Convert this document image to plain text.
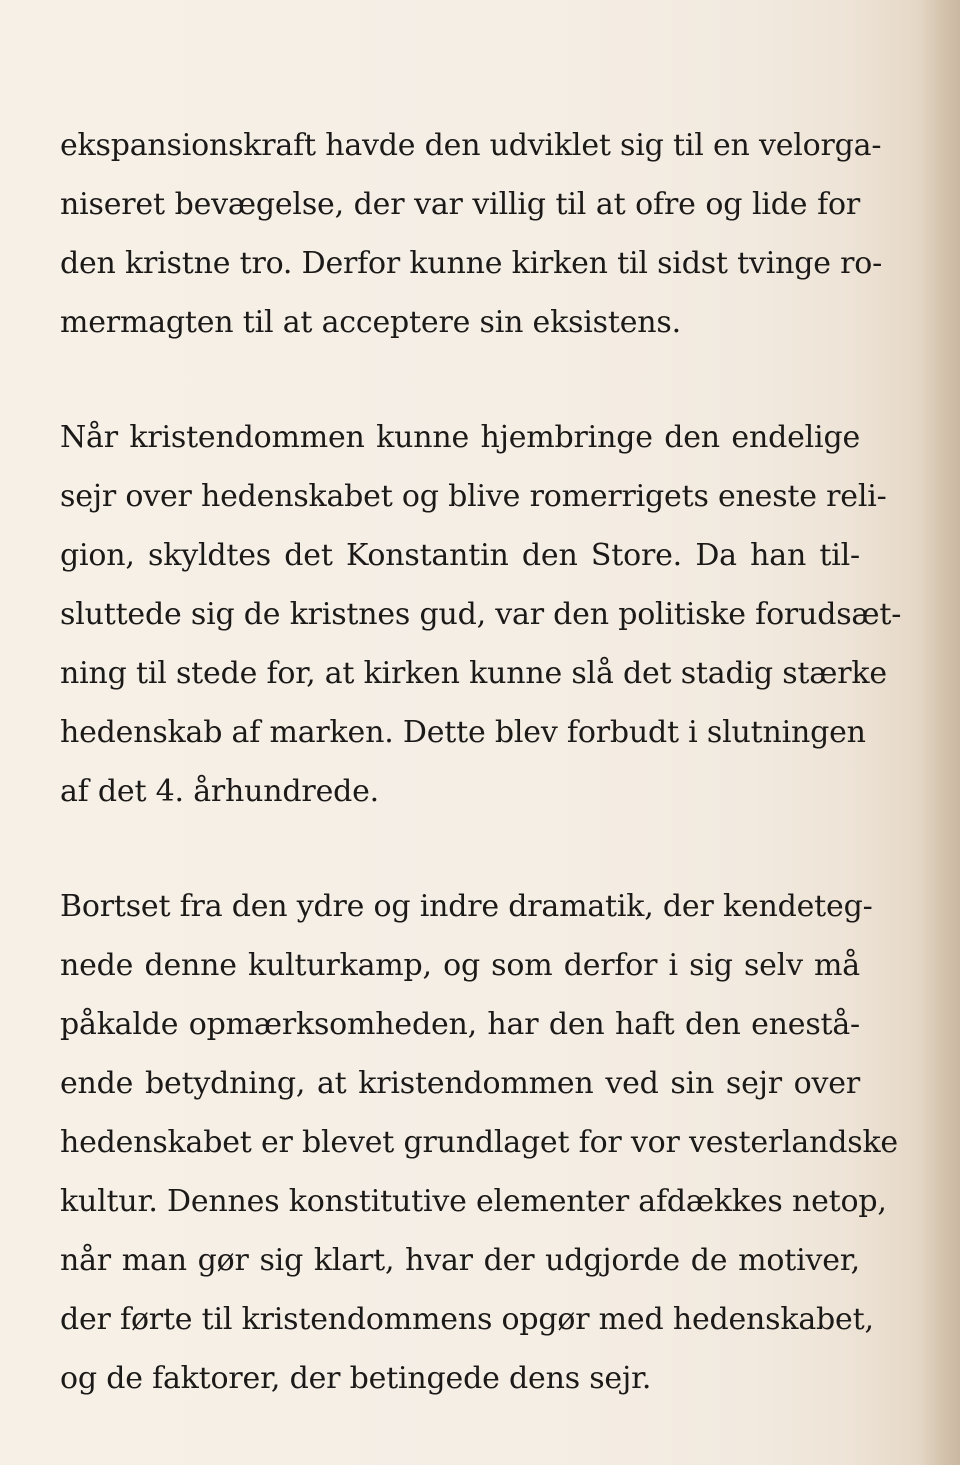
ekspansionskraft havde den udviklet sig til en velorga-
niseret bevægelse, der var villig til at ofre og lide for
den kristne tro. Derfor kunne kirken til sidst tvinge ro-
mermagten til at acceptere sin eksistens.

Når kristendommen kunne hjembringe den endelige
sejr over hedenskabet og blive romerrigets eneste reli-
gion, skyldtes det Konstantin den Store. Da han til-
sluttede sig de kristnes gud, var den politiske forudsæt-
ning til stede for, at kirken kunne slå det stadig stærke
hedenskab af marken. Dette blev forbudt i slutningen
af det 4. århundrede.

Bortset fra den ydre og indre dramatik, der kendeteg-
nede denne kulturkamp, og som derfor i sig selv må
påkalde opmærksomheden, har den haft den enestå-
ende betydning, at kristendommen ved sin sejr over
hedenskabet er blevet grundlaget for vor vesterlandske
kultur. Dennes konstitutive elementer afdækkes netop,
når man gør sig klart, hvar der udgjorde de motiver,
der førte til kristendommens opgør med hedenskabet,
og de faktorer, der betingede dens sejr.
